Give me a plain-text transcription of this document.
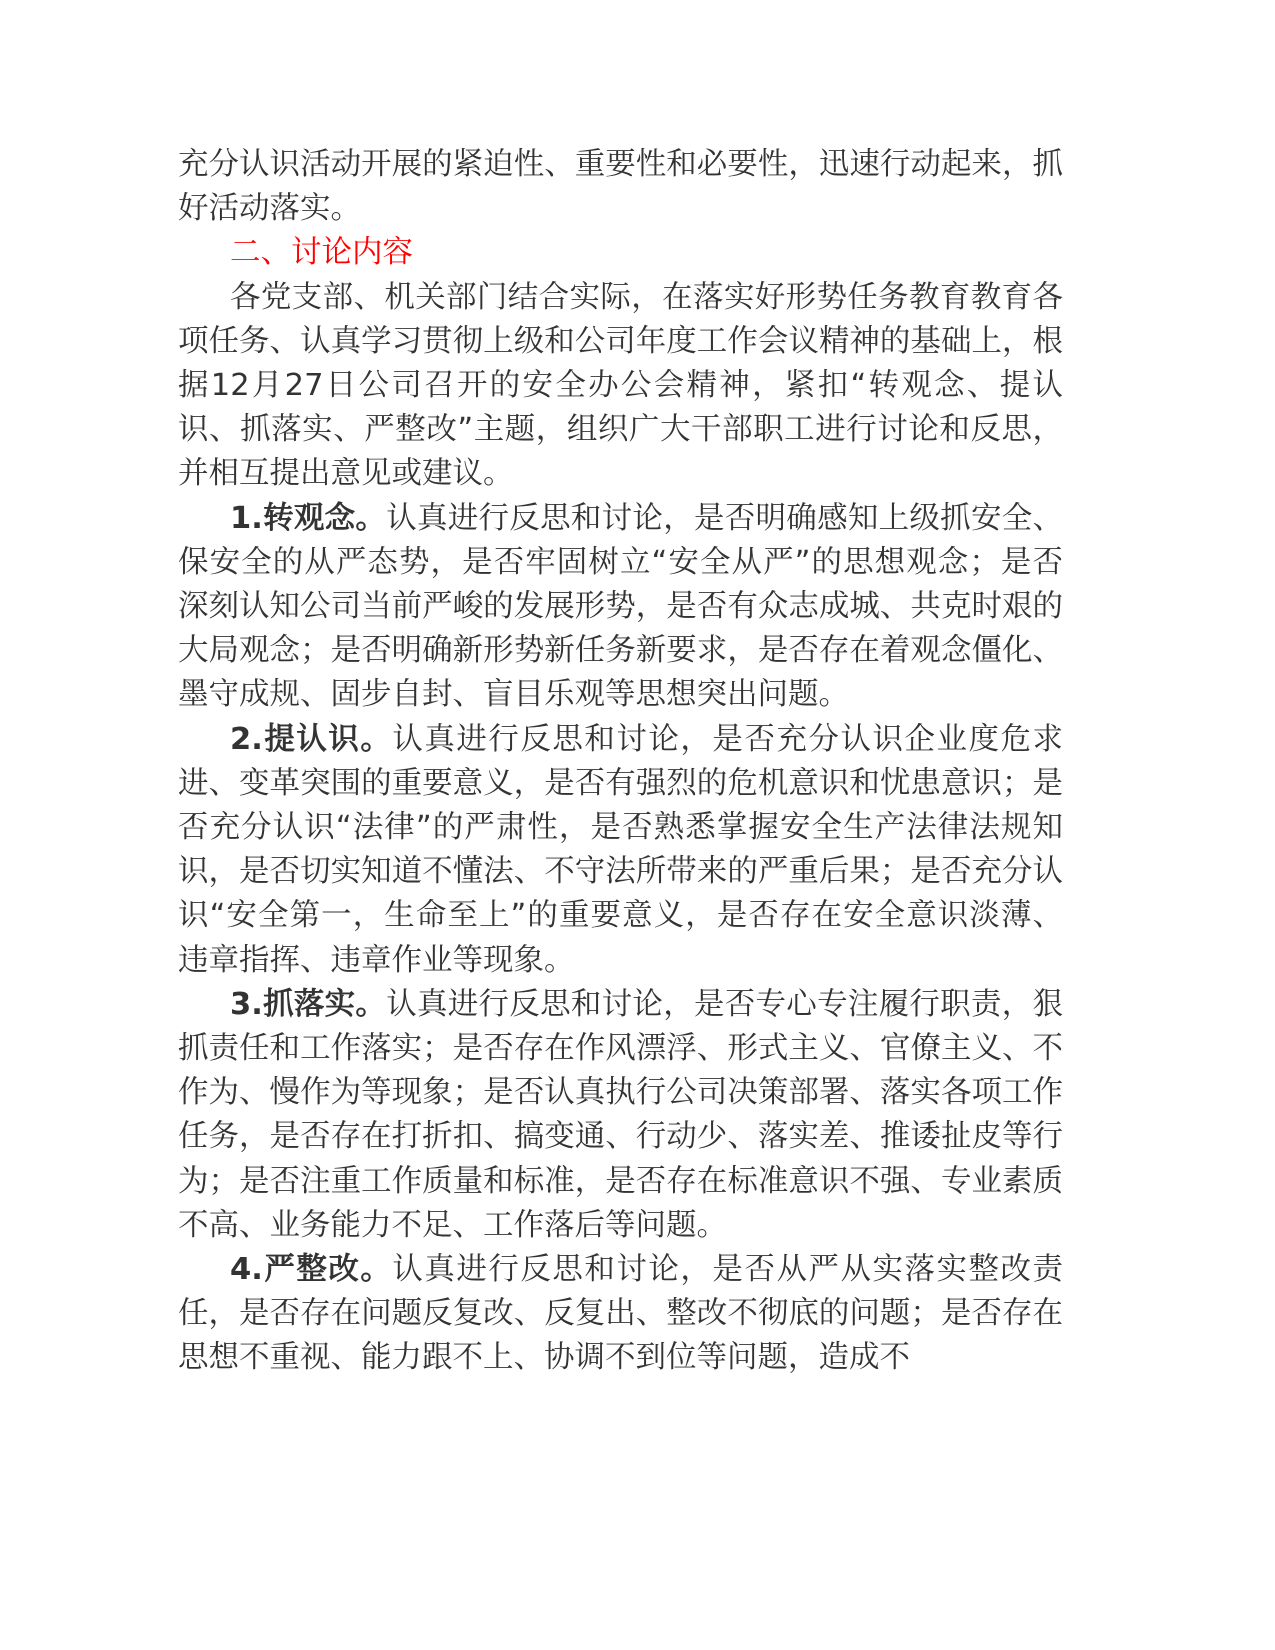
充分认识活动开展的紧迫性、重要性和必要性，迅速行动起来，抓好活动落实。

二、讨论内容

各党支部、机关部门结合实际，在落实好形势任务教育教育各项任务、认真学习贯彻上级和公司年度工作会议精神的基础上，根据12月27日公司召开的安全办公会精神，紧扣“转观念、提认识、抓落实、严整改”主题，组织广大干部职工进行讨论和反思，并相互提出意见或建议。

1.转观念。认真进行反思和讨论，是否明确感知上级抓安全、保安全的从严态势，是否牢固树立“安全从严”的思想观念；是否深刻认知公司当前严峻的发展形势，是否有众志成城、共克时艰的大局观念；是否明确新形势新任务新要求，是否存在着观念僵化、墨守成规、固步自封、盲目乐观等思想突出问题。

2.提认识。认真进行反思和讨论，是否充分认识企业度危求进、变革突围的重要意义，是否有强烈的危机意识和忧患意识；是否充分认识“法律”的严肃性，是否熟悉掌握安全生产法律法规知识，是否切实知道不懂法、不守法所带来的严重后果；是否充分认识“安全第一，生命至上”的重要意义，是否存在安全意识淡薄、违章指挥、违章作业等现象。

3.抓落实。认真进行反思和讨论，是否专心专注履行职责，狠抓责任和工作落实；是否存在作风漂浮、形式主义、官僚主义、不作为、慢作为等现象；是否认真执行公司决策部署、落实各项工作任务，是否存在打折扣、搞变通、行动少、落实差、推诿扯皮等行为；是否注重工作质量和标准，是否存在标准意识不强、专业素质不高、业务能力不足、工作落后等问题。

4.严整改。认真进行反思和讨论，是否从严从实落实整改责任，是否存在问题反复改、反复出、整改不彻底的问题；是否存在思想不重视、能力跟不上、协调不到位等问题，造成不
